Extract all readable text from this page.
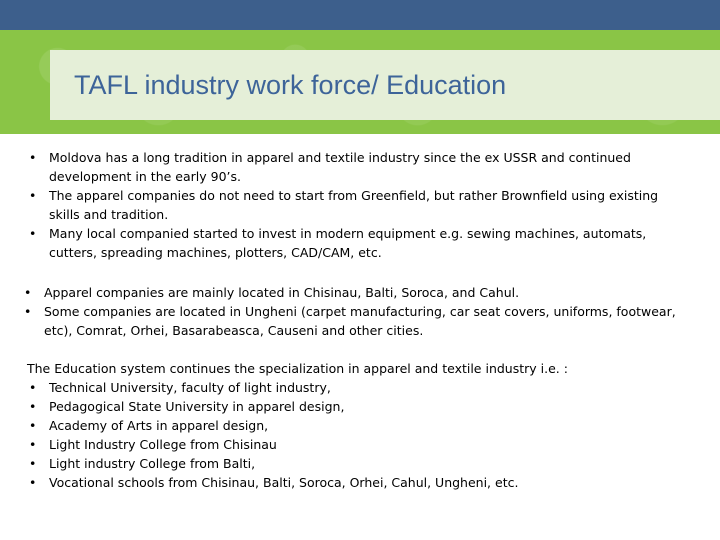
TAFL industry work force/ Education
• Moldova has a long tradition in apparel and textile industry since the ex USSR and continued development in the early 90’s.
• The apparel companies do not need to start from Greenfield, but rather Brownfield using existing skills and tradition.
• Many local companied started to invest in modern equipment e.g. sewing machines, automats, cutters, spreading machines, plotters, CAD/CAM, etc.
• Apparel companies are mainly located in Chisinau, Balti, Soroca, and Cahul.
• Some companies are located in Ungheni (carpet manufacturing, car seat covers, uniforms, footwear, etc), Comrat, Orhei, Basarabeasca, Causeni and other cities.

The Education system continues the specialization in apparel and textile industry i.e. :

• Technical University, faculty of light industry,
• Pedagogical State University in apparel design,
• Academy of Arts in apparel design,
• Light Industry College from Chisinau
• Light industry College from Balti,
• Vocational schools from Chisinau, Balti, Soroca, Orhei, Cahul, Ungheni, etc.
